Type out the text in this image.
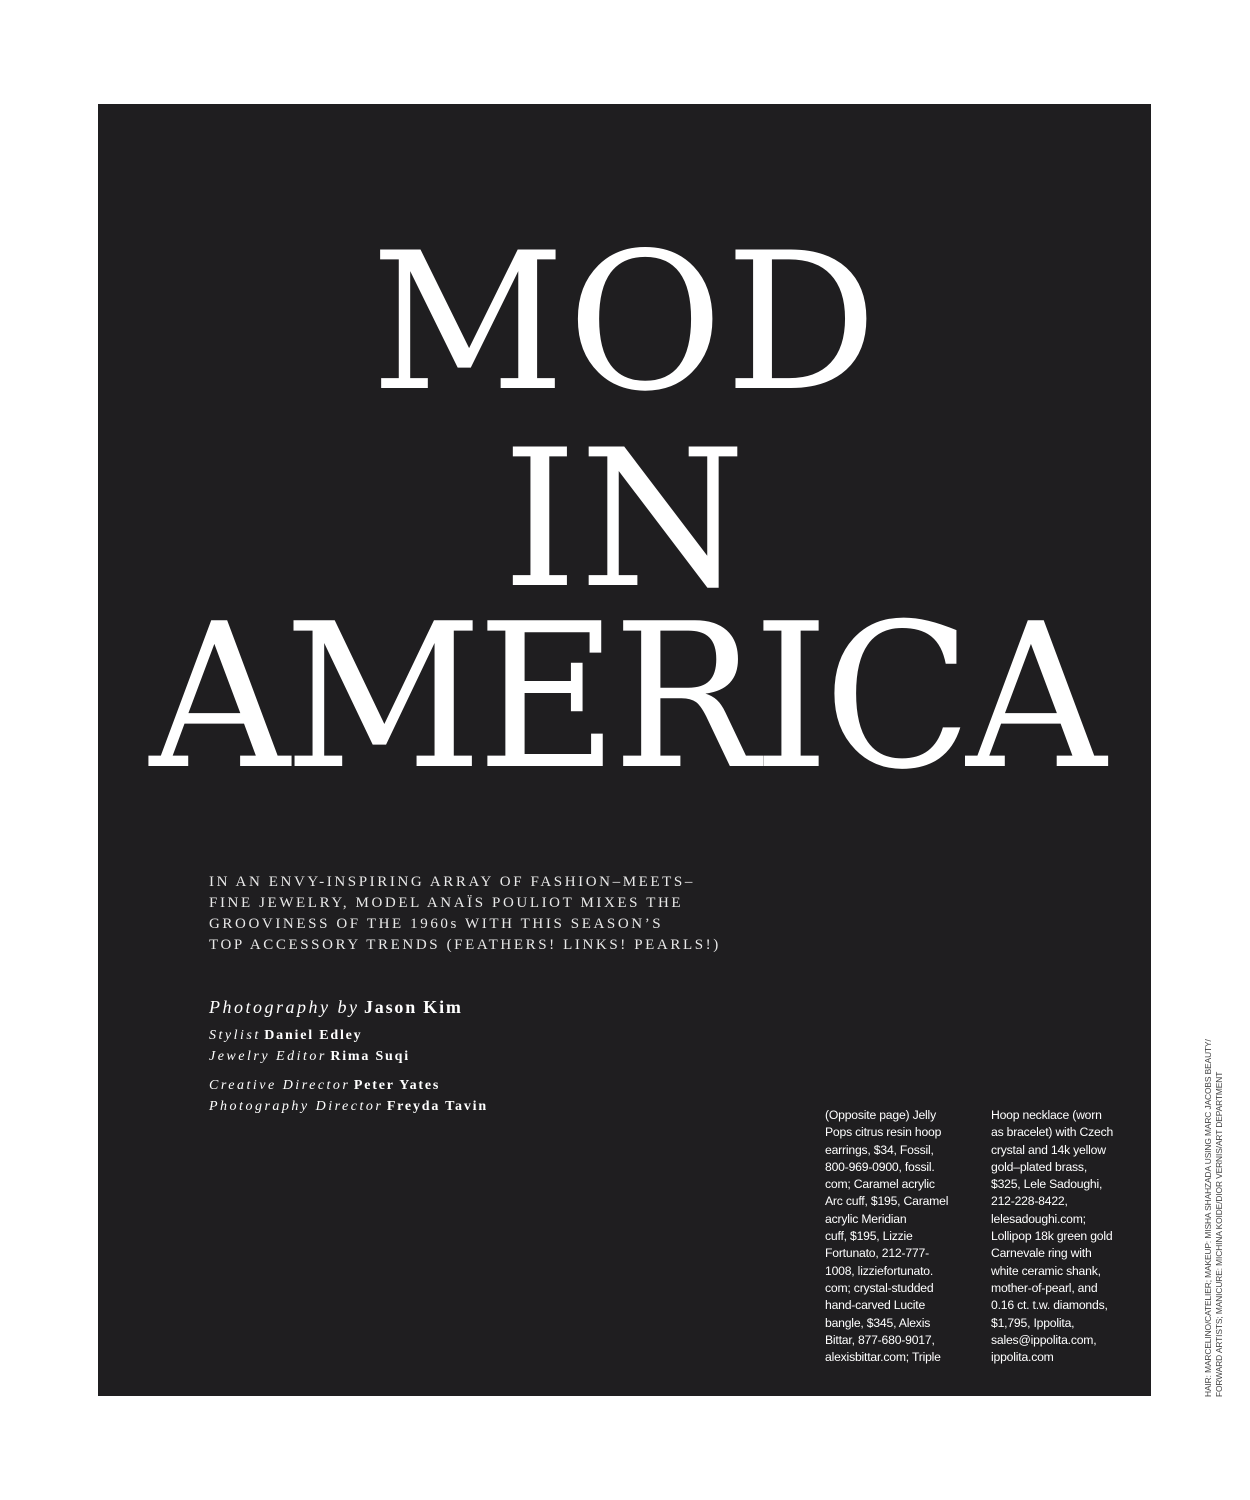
MOD
IN
AMERICA
IN AN ENVY-INSPIRING ARRAY OF FASHION–MEETS–
FINE JEWELRY, MODEL ANAÏS POULIOT MIXES THE
GROOVINESS OF THE 1960s WITH THIS SEASON’S
TOP ACCESSORY TRENDS (FEATHERS! LINKS! PEARLS!)
Photography by Jason Kim
Stylist Daniel Edley
Jewelry Editor Rima Suqi
Creative Director Peter Yates
Photography Director Freyda Tavin
(Opposite page) Jelly
Pops citrus resin hoop
earrings, $34, Fossil,
800-969-0900, fossil.
com; Caramel acrylic
Arc cuff, $195, Caramel
acrylic Meridian
cuff, $195, Lizzie
Fortunato, 212-777-
1008, lizziefortunato.
com; crystal-studded
hand-carved Lucite
bangle, $345, Alexis
Bittar, 877-680-9017,
alexisbittar.com; Triple
Hoop necklace (worn
as bracelet) with Czech
crystal and 14k yellow
gold–plated brass,
$325, Lele Sadoughi,
212-228-8422,
lelesadoughi.com;
Lollipop 18k green gold
Carnevale ring with
white ceramic shank,
mother-of-pearl, and
0.16 ct. t.w. diamonds,
$1,795, Ippolita,
sales@ippolita.com,
ippolita.com	HAIR: MARCELINO/CATELIER; MAKEUP: MISHA SHAHZADA USING MARC JACOBS BEAUTY/ FORWARD ARTISTS; MANICURE: MICHINA KOIDE/DIOR VERNIS/ART DEPARTMENT
